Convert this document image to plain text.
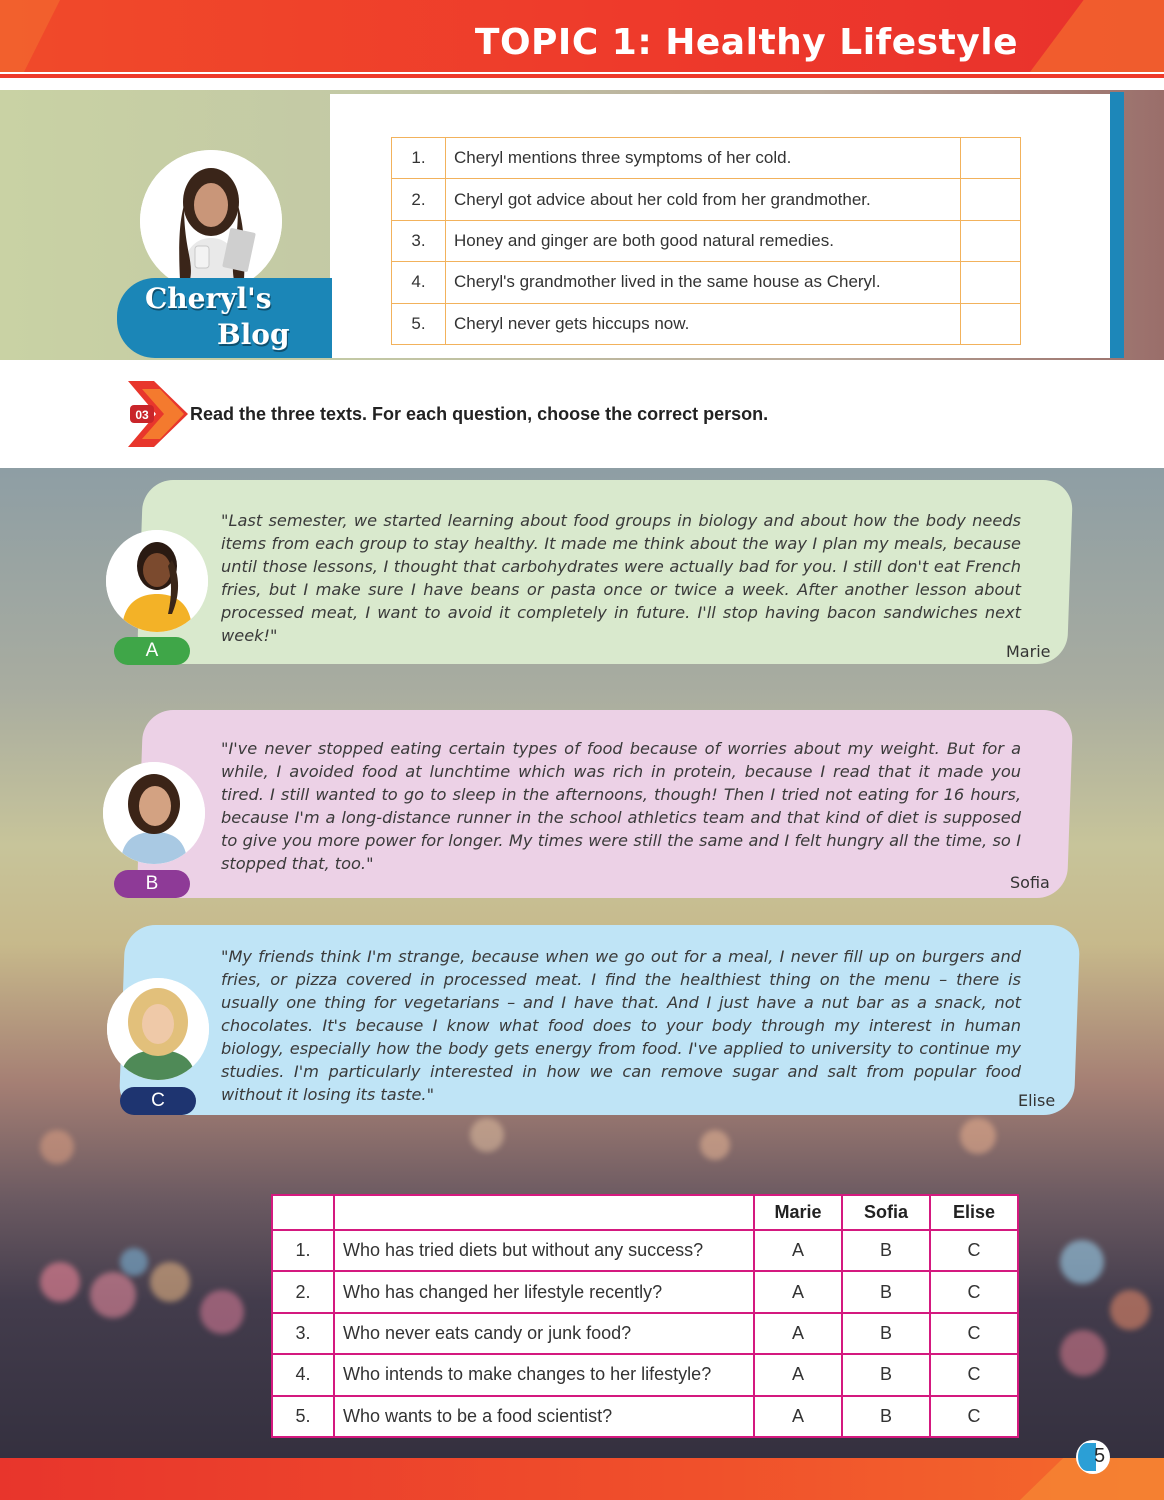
TOPIC 1: Healthy Lifestyle
Cheryl's
Blog
1.	Cheryl mentions three symptoms of her cold.	
2.	Cheryl got advice about her cold from her grandmother.	
3.	Honey and ginger are both good natural remedies.	
4.	Cheryl's grandmother lived in the same house as Cheryl.	
5.	Cheryl never gets hiccups now.	
03 Read the three texts. For each question, choose the correct person.
"Last semester, we started learning about food groups in biology and about how the body needs items from each group to stay healthy. It made me think about the way I plan my meals, because until those lessons, I thought that carbohydrates were actually bad for you. I still don't eat French fries, but I make sure I have beans or pasta once or twice a week. After another lesson about processed meat, I want to avoid it completely in future. I'll stop having bacon sandwiches next week!"
Marie
"I've never stopped eating certain types of food because of worries about my weight. But for a while, I avoided food at lunchtime which was rich in protein, because I read that it made you tired. I still wanted to go to sleep in the afternoons, though! Then I tried not eating for 16 hours, because I'm a long-distance runner in the school athletics team and that kind of diet is supposed to give you more power for longer. My times were still the same and I felt hungry all the time, so I stopped that, too."
Sofia
"My friends think I'm strange, because when we go out for a meal, I never fill up on burgers and fries, or pizza covered in processed meat. I find the healthiest thing on the menu – there is usually one thing for vegetarians – and I have that. And I just have a nut bar as a snack, not chocolates. It's because I know what food does to your body through my interest in human biology, especially how the body gets energy from food. I've applied to university to continue my studies. I'm particularly interested in how we can remove sugar and salt from popular food without it losing its taste."	Elise
A
B
C
		Marie	Sofia	Elise
1.	Who has tried diets but without any success?	A	B	C
2.	Who has changed her lifestyle recently?	A	B	C
3.	Who never eats candy or junk food?	A	B	C
4.	Who intends to make changes to her lifestyle?	A	B	C
5.	Who wants to be a food scientist?	A	B	C
5
